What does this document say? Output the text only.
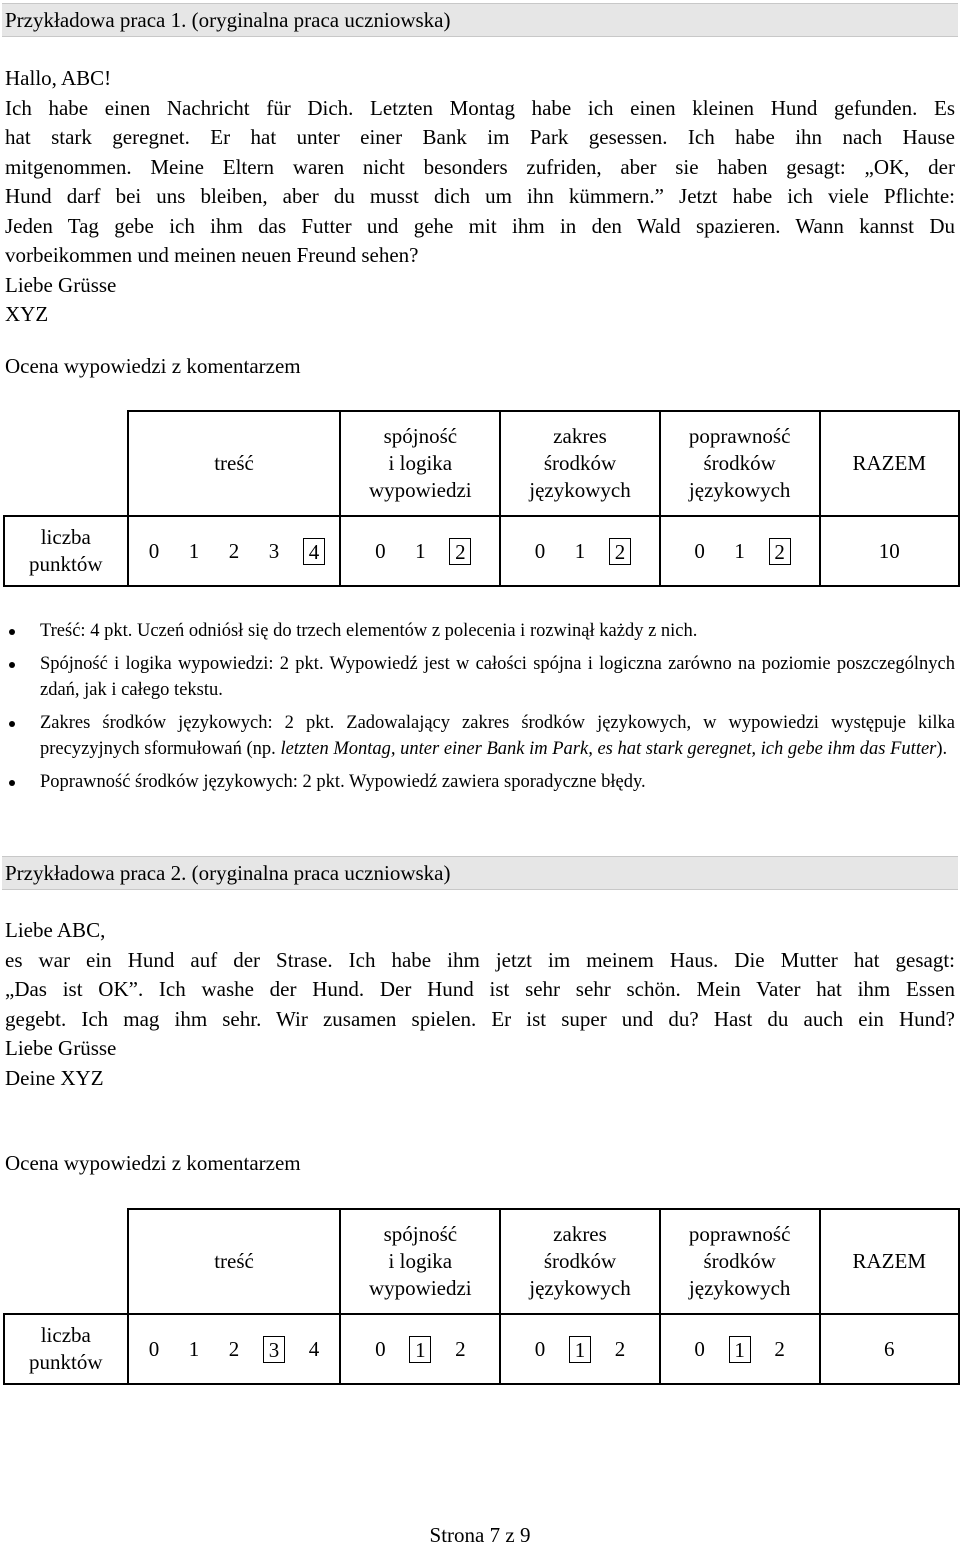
Przykładowa praca 1. (oryginalna praca uczniowska)
Hallo, ABC!
Ich habe einen Nachricht für Dich. Letzten Montag habe ich einen kleinen Hund gefunden. Es
hat stark geregnet. Er hat unter einer Bank im Park gesessen. Ich habe ihn nach Hause
mitgenommen. Meine Eltern waren nicht besonders zufriden, aber sie haben gesagt: „OK, der
Hund darf bei uns bleiben, aber du musst dich um ihn kümmern.” Jetzt habe ich viele Pflichte:
Jeden Tag gebe ich ihm das Futter und gehe mit ihm in den Wald spazieren. Wann kannst Du
vorbeikommen und meinen neuen Freund sehen?
Liebe Grüsse
XYZ
Ocena wypowiedzi z komentarzem
	treść	spójność
i logika
wypowiedzi	zakres
środków
językowych	poprawność
środków
językowych	RAZEM
liczba
punktów	0 1 2 3 4	0 1 2	0 1 2	0 1 2	10
Treść: 4 pkt. Uczeń odniósł się do trzech elementów z polecenia i rozwinął każdy z nich.
Spójność i logika wypowiedzi: 2 pkt. Wypowiedź jest w całości spójna i logiczna zarówno na poziomie poszczególnych zdań, jak i całego tekstu.
Zakres środków językowych: 2 pkt. Zadowalający zakres środków językowych, w wypowiedzi występuje kilka precyzyjnych sformułowań (np. letzten Montag, unter einer Bank im Park, es hat stark geregnet, ich gebe ihm das Futter).
Poprawność środków językowych: 2 pkt. Wypowiedź zawiera sporadyczne błędy.
Przykładowa praca 2. (oryginalna praca uczniowska)
Liebe ABC,
es war ein Hund auf der Strase. Ich habe ihm jetzt im meinem Haus. Die Mutter hat gesagt:
„Das ist OK”. Ich washe der Hund. Der Hund ist sehr sehr schön. Mein Vater hat ihm Essen
gegebt. Ich mag ihm sehr. Wir zusamen spielen. Er ist super und du? Hast du auch ein Hund?
Liebe Grüsse
Deine XYZ
Ocena wypowiedzi z komentarzem
	treść	spójność
i logika
wypowiedzi	zakres
środków
językowych	poprawność
środków
językowych	RAZEM
liczba
punktów	0 1 2 3 4	0 1 2	0 1 2	0 1 2	6
Strona 7 z 9
